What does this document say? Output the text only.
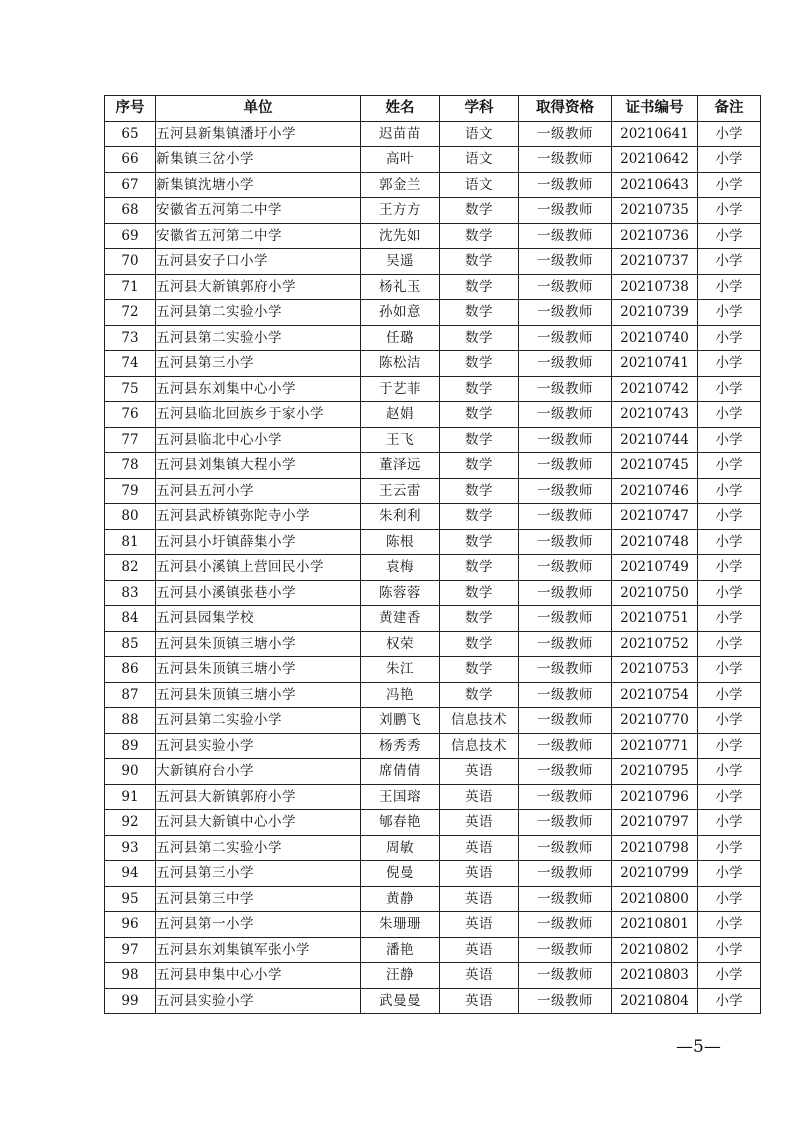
序号	单位	姓名	学科	取得资格	证书编号	备注
65	五河县新集镇潘圩小学	迟苗苗	语文	一级教师	20210641	小学
66	新集镇三岔小学	高叶	语文	一级教师	20210642	小学
67	新集镇沈塘小学	郭金兰	语文	一级教师	20210643	小学
68	安徽省五河第二中学	王方方	数学	一级教师	20210735	小学
69	安徽省五河第二中学	沈先如	数学	一级教师	20210736	小学
70	五河县安子口小学	吴遥	数学	一级教师	20210737	小学
71	五河县大新镇郭府小学	杨礼玉	数学	一级教师	20210738	小学
72	五河县第二实验小学	孙如意	数学	一级教师	20210739	小学
73	五河县第二实验小学	任璐	数学	一级教师	20210740	小学
74	五河县第三小学	陈松洁	数学	一级教师	20210741	小学
75	五河县东刘集中心小学	于艺菲	数学	一级教师	20210742	小学
76	五河县临北回族乡于家小学	赵娟	数学	一级教师	20210743	小学
77	五河县临北中心小学	王飞	数学	一级教师	20210744	小学
78	五河县刘集镇大程小学	董泽远	数学	一级教师	20210745	小学
79	五河县五河小学	王云雷	数学	一级教师	20210746	小学
80	五河县武桥镇弥陀寺小学	朱利利	数学	一级教师	20210747	小学
81	五河县小圩镇薛集小学	陈根	数学	一级教师	20210748	小学
82	五河县小溪镇上营回民小学	袁梅	数学	一级教师	20210749	小学
83	五河县小溪镇张巷小学	陈蓉蓉	数学	一级教师	20210750	小学
84	五河县园集学校	黄建香	数学	一级教师	20210751	小学
85	五河县朱顶镇三塘小学	权荣	数学	一级教师	20210752	小学
86	五河县朱顶镇三塘小学	朱江	数学	一级教师	20210753	小学
87	五河县朱顶镇三塘小学	冯艳	数学	一级教师	20210754	小学
88	五河县第二实验小学	刘鹏飞	信息技术	一级教师	20210770	小学
89	五河县实验小学	杨秀秀	信息技术	一级教师	20210771	小学
90	大新镇府台小学	席倩倩	英语	一级教师	20210795	小学
91	五河县大新镇郭府小学	王国瑢	英语	一级教师	20210796	小学
92	五河县大新镇中心小学	郇春艳	英语	一级教师	20210797	小学
93	五河县第二实验小学	周敏	英语	一级教师	20210798	小学
94	五河县第三小学	倪曼	英语	一级教师	20210799	小学
95	五河县第三中学	黄静	英语	一级教师	20210800	小学
96	五河县第一小学	朱珊珊	英语	一级教师	20210801	小学
97	五河县东刘集镇军张小学	潘艳	英语	一级教师	20210802	小学
98	五河县申集中心小学	汪静	英语	一级教师	20210803	小学
99	五河县实验小学	武曼曼	英语	一级教师	20210804	小学
—5—
